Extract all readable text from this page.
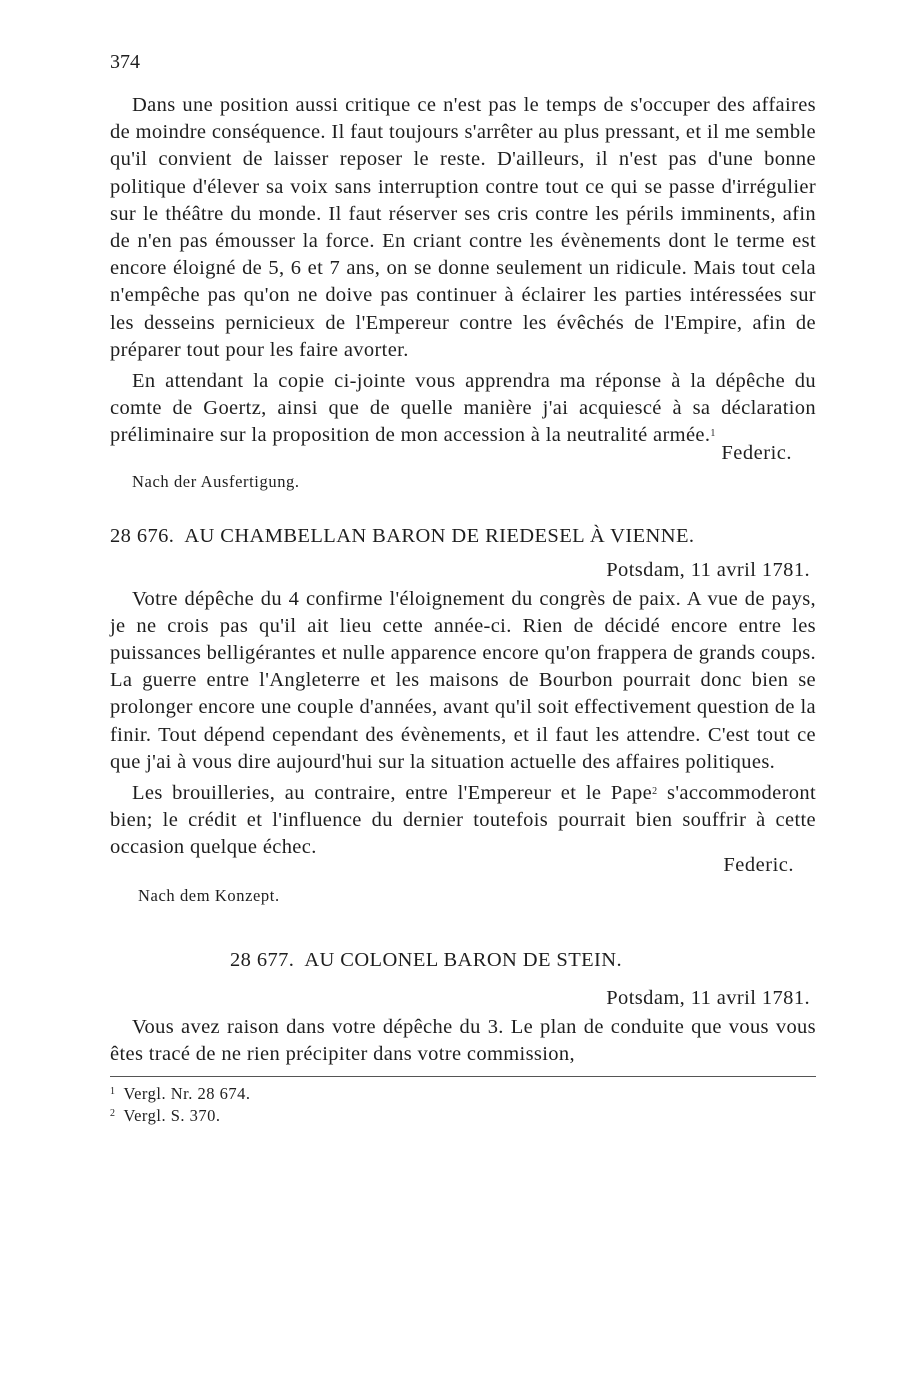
374

Dans une position aussi critique ce n'est pas le temps de s'occuper des affaires de moindre conséquence. Il faut toujours s'arrêter au plus pressant, et il me semble qu'il convient de laisser reposer le reste. D'ailleurs, il n'est pas d'une bonne politique d'élever sa voix sans interruption contre tout ce qui se passe d'irrégulier sur le théâtre du monde. Il faut réserver ses cris contre les périls imminents, afin de n'en pas émousser la force. En criant contre les évènements dont le terme est encore éloigné de 5, 6 et 7 ans, on se donne seulement un ridicule. Mais tout cela n'empêche pas qu'on ne doive pas continuer à éclairer les parties intéressées sur les desseins pernicieux de l'Empereur contre les évêchés de l'Empire, afin de préparer tout pour les faire avorter.

En attendant la copie ci-jointe vous apprendra ma réponse à la dépêche du comte de Goertz, ainsi que de quelle manière j'ai acquiescé à sa déclaration préliminaire sur la proposition de mon accession à la neutralité armée.$^1$

Federic.
Nach der Ausfertigung.
28 676. AU CHAMBELLAN BARON DE RIEDESEL À VIENNE.
Potsdam, 11 avril 1781.

Votre dépêche du 4 confirme l'éloignement du congrès de paix. A vue de pays, je ne crois pas qu'il ait lieu cette année-ci. Rien de décidé encore entre les puissances belligérantes et nulle apparence encore qu'on frappera de grands coups. La guerre entre l'Angleterre et les maisons de Bourbon pourrait donc bien se prolonger encore une couple d'années, avant qu'il soit effectivement question de la finir. Tout dépend cependant des évènements, et il faut les attendre. C'est tout ce que j'ai à vous dire aujourd'hui sur la situation actuelle des affaires politiques.

Les brouilleries, au contraire, entre l'Empereur et le Pape$^2$ s'accommoderont bien; le crédit et l'influence du dernier toutefois pourrait bien souffrir à cette occasion quelque échec.

Federic.
Nach dem Konzept.
28 677. AU COLONEL BARON DE STEIN.
Potsdam, 11 avril 1781.

Vous avez raison dans votre dépêche du 3. Le plan de conduite que vous vous êtes tracé de ne rien précipiter dans votre commission,

$^1$ Vergl. Nr. 28 674.

$^2$ Vergl. S. 370.
